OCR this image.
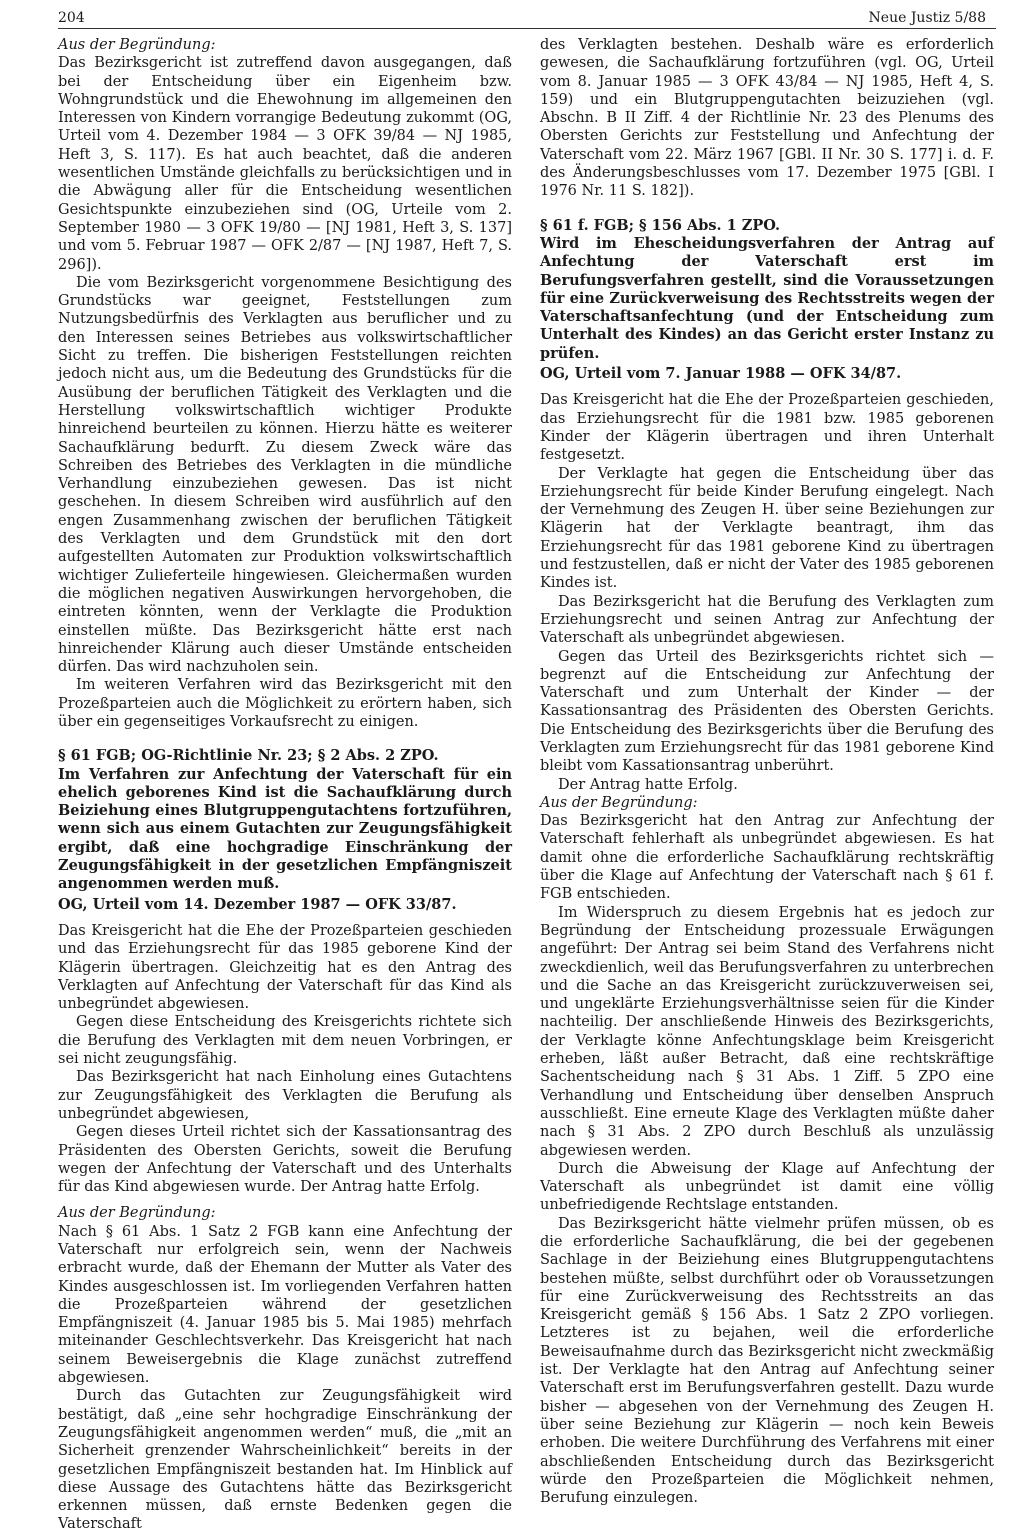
204	Neue Justiz 5/88

Aus der Begründung:

Das Bezirksgericht ist zutreffend davon ausgegangen, daß bei der Entscheidung über ein Eigenheim bzw. Wohngrundstück und die Ehewohnung im allgemeinen den Interessen von Kindern vorrangige Bedeutung zukommt (OG, Urteil vom 4. Dezember 1984 — 3 OFK 39/84 — NJ 1985, Heft 3, S. 117). Es hat auch beachtet, daß die anderen wesentlichen Umstände gleichfalls zu berücksichtigen und in die Abwägung aller für die Entscheidung wesentlichen Gesichtspunkte einzubeziehen sind (OG, Urteile vom 2. September 1980 — 3 OFK 19/80 — [NJ 1981, Heft 3, S. 137] und vom 5. Februar 1987 — OFK 2/87 — [NJ 1987, Heft 7, S. 296]).

Die vom Bezirksgericht vorgenommene Besichtigung des Grundstücks war geeignet, Feststellungen zum Nutzungsbedürfnis des Verklagten aus beruflicher und zu den Interessen seines Betriebes aus volkswirtschaftlicher Sicht zu treffen. Die bisherigen Feststellungen reichten jedoch nicht aus, um die Bedeutung des Grundstücks für die Ausübung der beruflichen Tätigkeit des Verklagten und die Herstellung volkswirtschaftlich wichtiger Produkte hinreichend beurteilen zu können. Hierzu hätte es weiterer Sachaufklärung bedurft. Zu diesem Zweck wäre das Schreiben des Betriebes des Verklagten in die mündliche Verhandlung einzubeziehen gewesen. Das ist nicht geschehen. In diesem Schreiben wird ausführlich auf den engen Zusammenhang zwischen der beruflichen Tätigkeit des Verklagten und dem Grundstück mit den dort aufgestellten Automaten zur Produktion volkswirtschaftlich wichtiger Zulieferteile hingewiesen. Gleichermaßen wurden die möglichen negativen Auswirkungen hervorgehoben, die eintreten könnten, wenn der Verklagte die Produktion einstellen müßte. Das Bezirksgericht hätte erst nach hinreichender Klärung auch dieser Umstände entscheiden dürfen. Das wird nachzuholen sein.

Im weiteren Verfahren wird das Bezirksgericht mit den Prozeßparteien auch die Möglichkeit zu erörtern haben, sich über ein gegenseitiges Vorkaufsrecht zu einigen.

§ 61 FGB; OG-Richtlinie Nr. 23; § 2 Abs. 2 ZPO.

Im Verfahren zur Anfechtung der Vaterschaft für ein ehelich geborenes Kind ist die Sachaufklärung durch Beiziehung eines Blutgruppengutachtens fortzuführen, wenn sich aus einem Gutachten zur Zeugungsfähigkeit ergibt, daß eine hochgradige Einschränkung der Zeugungsfähigkeit in der gesetzlichen Empfängniszeit angenommen werden muß.

OG, Urteil vom 14. Dezember 1987 — OFK 33/87.

Das Kreisgericht hat die Ehe der Prozeßparteien geschieden und das Erziehungsrecht für das 1985 geborene Kind der Klägerin übertragen. Gleichzeitig hat es den Antrag des Verklagten auf Anfechtung der Vaterschaft für das Kind als unbegründet abgewiesen.

Gegen diese Entscheidung des Kreisgerichts richtete sich die Berufung des Verklagten mit dem neuen Vorbringen, er sei nicht zeugungsfähig.

Das Bezirksgericht hat nach Einholung eines Gutachtens zur Zeugungsfähigkeit des Verklagten die Berufung als unbegründet abgewiesen,

Gegen dieses Urteil richtet sich der Kassationsantrag des Präsidenten des Obersten Gerichts, soweit die Berufung wegen der Anfechtung der Vaterschaft und des Unterhalts für das Kind abgewiesen wurde. Der Antrag hatte Erfolg.

Aus der Begründung:

Nach § 61 Abs. 1 Satz 2 FGB kann eine Anfechtung der Vaterschaft nur erfolgreich sein, wenn der Nachweis erbracht wurde, daß der Ehemann der Mutter als Vater des Kindes ausgeschlossen ist. Im vorliegenden Verfahren hatten die Prozeßparteien während der gesetzlichen Empfängniszeit (4. Januar 1985 bis 5. Mai 1985) mehrfach miteinander Geschlechtsverkehr. Das Kreisgericht hat nach seinem Beweisergebnis die Klage zunächst zutreffend abgewiesen.

Durch das Gutachten zur Zeugungsfähigkeit wird bestätigt, daß „eine sehr hochgradige Einschränkung der Zeugungsfähigkeit angenommen werden“ muß, die „mit an Sicherheit grenzender Wahrscheinlichkeit“ bereits in der gesetzlichen Empfängniszeit bestanden hat. Im Hinblick auf diese Aussage des Gutachtens hätte das Bezirksgericht erkennen müssen, daß ernste Bedenken gegen die Vaterschaft

des Verklagten bestehen. Deshalb wäre es erforderlich gewesen, die Sachaufklärung fortzuführen (vgl. OG, Urteil vom 8. Januar 1985 — 3 OFK 43/84 — NJ 1985, Heft 4, S. 159) und ein Blutgruppengutachten beizuziehen (vgl. Abschn. B II Ziff. 4 der Richtlinie Nr. 23 des Plenums des Obersten Gerichts zur Feststellung und Anfechtung der Vaterschaft vom 22. März 1967 [GBl. II Nr. 30 S. 177] i. d. F. des Änderungsbeschlusses vom 17. Dezember 1975 [GBl. I 1976 Nr. 11 S. 182]).

§ 61 f. FGB; § 156 Abs. 1 ZPO.

Wird im Ehescheidungsverfahren der Antrag auf Anfechtung der Vaterschaft erst im Berufungsverfahren gestellt, sind die Voraussetzungen für eine Zurückverweisung des Rechtsstreits wegen der Vaterschaftsanfechtung (und der Entscheidung zum Unterhalt des Kindes) an das Gericht erster Instanz zu prüfen.

OG, Urteil vom 7. Januar 1988 — OFK 34/87.

Das Kreisgericht hat die Ehe der Prozeßparteien geschieden, das Erziehungsrecht für die 1981 bzw. 1985 geborenen Kinder der Klägerin übertragen und ihren Unterhalt festgesetzt.

Der Verklagte hat gegen die Entscheidung über das Erziehungsrecht für beide Kinder Berufung eingelegt. Nach der Vernehmung des Zeugen H. über seine Beziehungen zur Klägerin hat der Verklagte beantragt, ihm das Erziehungsrecht für das 1981 geborene Kind zu übertragen und festzustellen, daß er nicht der Vater des 1985 geborenen Kindes ist.

Das Bezirksgericht hat die Berufung des Verklagten zum Erziehungsrecht und seinen Antrag zur Anfechtung der Vaterschaft als unbegründet abgewiesen.

Gegen das Urteil des Bezirksgerichts richtet sich — begrenzt auf die Entscheidung zur Anfechtung der Vaterschaft und zum Unterhalt der Kinder — der Kassationsantrag des Präsidenten des Obersten Gerichts. Die Entscheidung des Bezirksgerichts über die Berufung des Verklagten zum Erziehungsrecht für das 1981 geborene Kind bleibt vom Kassationsantrag unberührt.

Der Antrag hatte Erfolg.

Aus der Begründung:

Das Bezirksgericht hat den Antrag zur Anfechtung der Vaterschaft fehlerhaft als unbegründet abgewiesen. Es hat damit ohne die erforderliche Sachaufklärung rechtskräftig über die Klage auf Anfechtung der Vaterschaft nach § 61 f. FGB entschieden.

Im Widerspruch zu diesem Ergebnis hat es jedoch zur Begründung der Entscheidung prozessuale Erwägungen angeführt: Der Antrag sei beim Stand des Verfahrens nicht zweckdienlich, weil das Berufungsverfahren zu unterbrechen und die Sache an das Kreisgericht zurückzuverweisen sei, und ungeklärte Erziehungsverhältnisse seien für die Kinder nachteilig. Der anschließende Hinweis des Bezirksgerichts, der Verklagte könne Anfechtungsklage beim Kreisgericht erheben, läßt außer Betracht, daß eine rechtskräftige Sachentscheidung nach § 31 Abs. 1 Ziff. 5 ZPO eine Verhandlung und Entscheidung über denselben Anspruch ausschließt. Eine erneute Klage des Verklagten müßte daher nach § 31 Abs. 2 ZPO durch Beschluß als unzulässig abgewiesen werden.

Durch die Abweisung der Klage auf Anfechtung der Vaterschaft als unbegründet ist damit eine völlig unbefriedigende Rechtslage entstanden.

Das Bezirksgericht hätte vielmehr prüfen müssen, ob es die erforderliche Sachaufklärung, die bei der gegebenen Sachlage in der Beiziehung eines Blutgruppengutachtens bestehen müßte, selbst durchführt oder ob Voraussetzungen für eine Zurückverweisung des Rechtsstreits an das Kreisgericht gemäß § 156 Abs. 1 Satz 2 ZPO vorliegen. Letzteres ist zu bejahen, weil die erforderliche Beweisaufnahme durch das Bezirksgericht nicht zweckmäßig ist. Der Verklagte hat den Antrag auf Anfechtung seiner Vaterschaft erst im Berufungsverfahren gestellt. Dazu wurde bisher — abgesehen von der Vernehmung des Zeugen H. über seine Beziehung zur Klägerin — noch kein Beweis erhoben. Die weitere Durchführung des Verfahrens mit einer abschließenden Entscheidung durch das Bezirksgericht würde den Prozeßparteien die Möglichkeit nehmen, Berufung einzulegen.
